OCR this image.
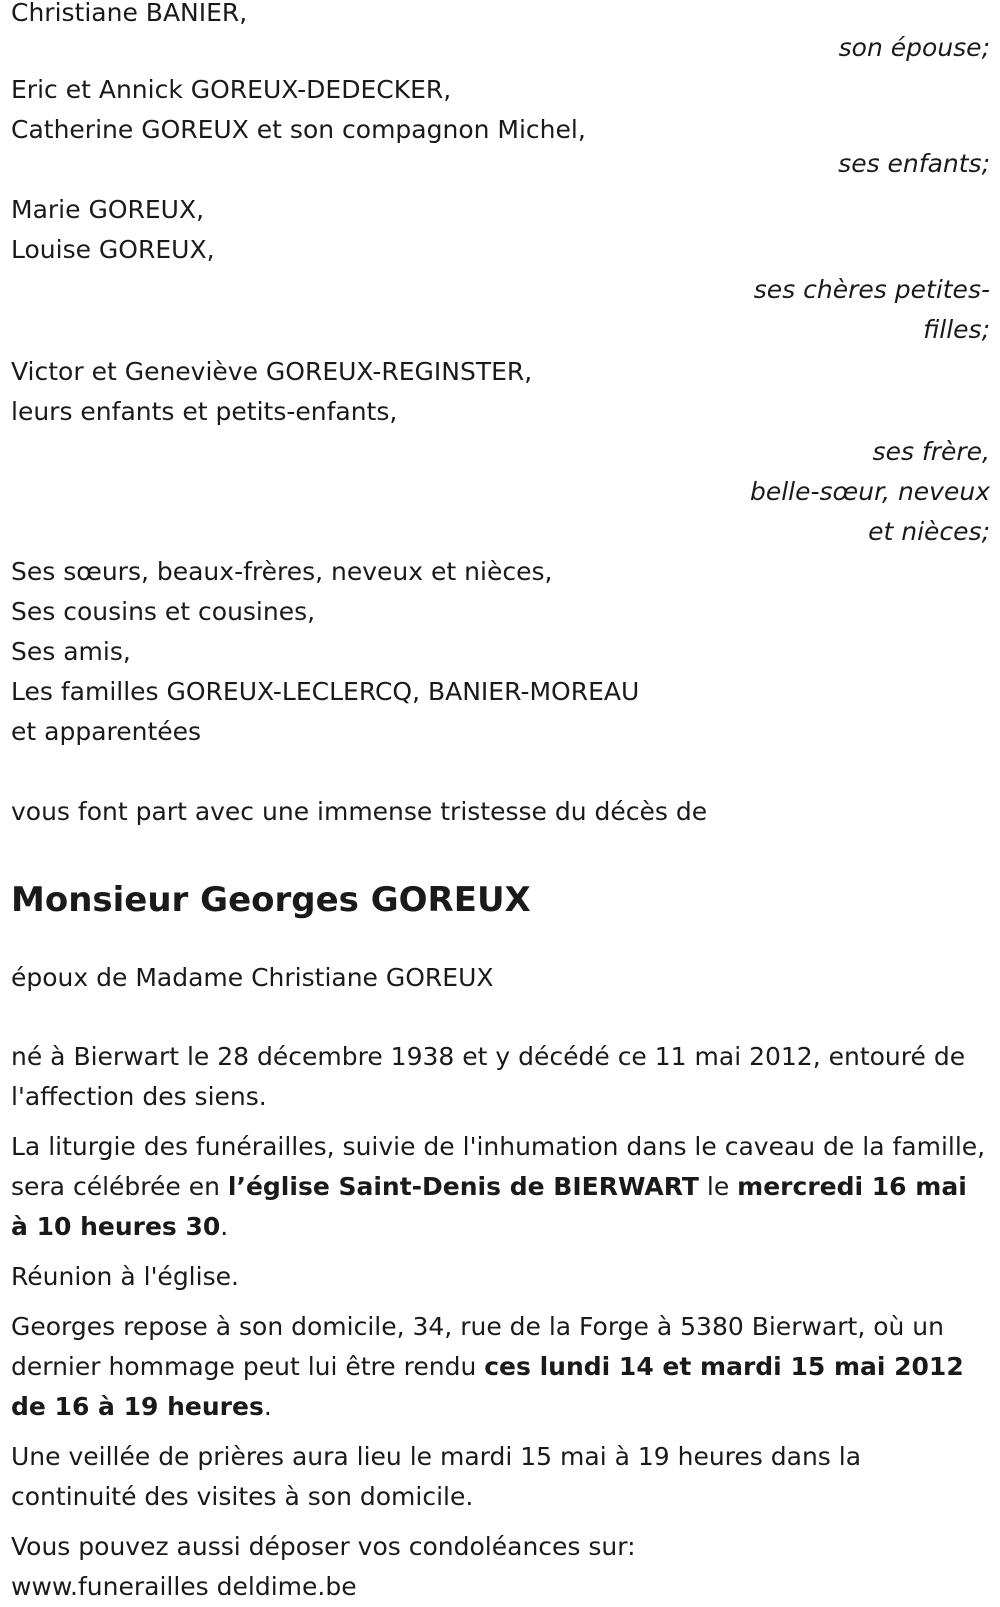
Christiane BANIER,
son épouse;
Eric et Annick GOREUX-DEDECKER,
Catherine GOREUX et son compagnon Michel,
ses enfants;
Marie GOREUX,
Louise GOREUX,
ses chères petites-
filles;
Victor et Geneviève GOREUX-REGINSTER,
leurs enfants et petits-enfants,
ses frère,
belle-sœur, neveux
et nièces;
Ses sœurs, beaux-frères, neveux et nièces,
Ses cousins et cousines,
Ses amis,
Les familles GOREUX-LECLERCQ, BANIER-MOREAU
et apparentées

vous font part avec une immense tristesse du décès de

Monsieur Georges GOREUX

époux de Madame Christiane GOREUX

né à Bierwart le 28 décembre 1938 et y décédé ce 11 mai 2012, entouré de l'affection des siens.

La liturgie des funérailles, suivie de l'inhumation dans le caveau de la famille, sera célébrée en l’église Saint-Denis de BIERWART le mercredi 16 mai à 10 heures 30.

Réunion à l'église.

Georges repose à son domicile, 34, rue de la Forge à 5380 Bierwart, où un dernier hommage peut lui être rendu ces lundi 14 et mardi 15 mai 2012 de 16 à 19 heures.

Une veillée de prières aura lieu le mardi 15 mai à 19 heures dans la continuité des visites à son domicile.

Vous pouvez aussi déposer vos condoléances sur:

www.funerailles deldime.be
